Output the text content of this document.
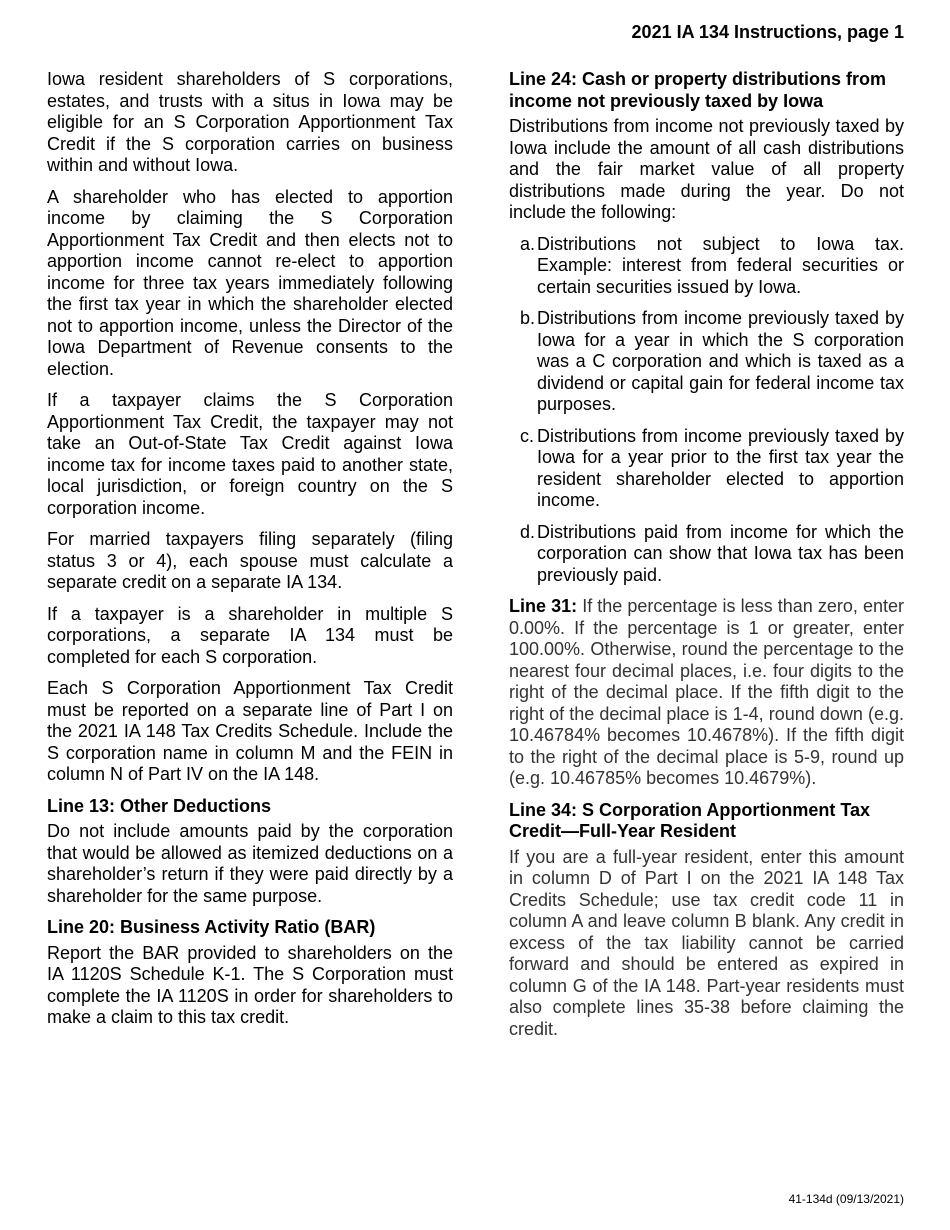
2021 IA 134 Instructions, page 1

Iowa resident shareholders of S corporations, estates, and trusts with a situs in Iowa may be eligible for an S Corporation Apportionment Tax Credit if the S corporation carries on business within and without Iowa.

A shareholder who has elected to apportion income by claiming the S Corporation Apportionment Tax Credit and then elects not to apportion income cannot re-elect to apportion income for three tax years immediately following the first tax year in which the shareholder elected not to apportion income, unless the Director of the Iowa Department of Revenue consents to the election.

If a taxpayer claims the S Corporation Apportionment Tax Credit, the taxpayer may not take an Out-of-State Tax Credit against Iowa income tax for income taxes paid to another state, local jurisdiction, or foreign country on the S corporation income.

For married taxpayers filing separately (filing status 3 or 4), each spouse must calculate a separate credit on a separate IA 134.

If a taxpayer is a shareholder in multiple S corporations, a separate IA 134 must be completed for each S corporation.

Each S Corporation Apportionment Tax Credit must be reported on a separate line of Part I on the 2021 IA 148 Tax Credits Schedule. Include the S corporation name in column M and the FEIN in column N of Part IV on the IA 148.

Line 13: Other Deductions

Do not include amounts paid by the corporation that would be allowed as itemized deductions on a shareholder’s return if they were paid directly by a shareholder for the same purpose.

Line 20: Business Activity Ratio (BAR)

Report the BAR provided to shareholders on the IA 1120S Schedule K-1. The S Corporation must complete the IA 1120S in order for shareholders to make a claim to this tax credit.

Line 24: Cash or property distributions from income not previously taxed by Iowa

Distributions from income not previously taxed by Iowa include the amount of all cash distributions and the fair market value of all property distributions made during the year. Do not include the following:

a. Distributions not subject to Iowa tax. Example: interest from federal securities or certain securities issued by Iowa.
b. Distributions from income previously taxed by Iowa for a year in which the S corporation was a C corporation and which is taxed as a dividend or capital gain for federal income tax purposes.
c. Distributions from income previously taxed by Iowa for a year prior to the first tax year the resident shareholder elected to apportion income.
d. Distributions paid from income for which the corporation can show that Iowa tax has been previously paid.

Line 31: If the percentage is less than zero, enter 0.00%. If the percentage is 1 or greater, enter 100.00%. Otherwise, round the percentage to the nearest four decimal places, i.e. four digits to the right of the decimal place. If the fifth digit to the right of the decimal place is 1-4, round down (e.g. 10.46784% becomes 10.4678%). If the fifth digit to the right of the decimal place is 5-9, round up (e.g. 10.46785% becomes 10.4679%).

Line 34: S Corporation Apportionment Tax Credit—Full-Year Resident

If you are a full-year resident, enter this amount in column D of Part I on the 2021 IA 148 Tax Credits Schedule; use tax credit code 11 in column A and leave column B blank. Any credit in excess of the tax liability cannot be carried forward and should be entered as expired in column G of the IA 148. Part-year residents must also complete lines 35-38 before claiming the credit.

41-134d (09/13/2021)
